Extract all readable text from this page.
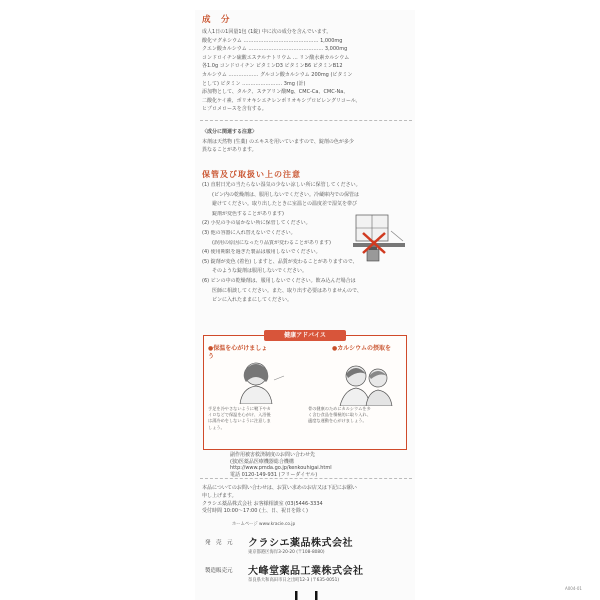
成　分
成人1日の1回量1包 (1錠) 中に次の成分を含んでいます。
酸化マグネシウム ……………………………………… 1,000mg
クエン酸カルシウム ……………………………………… 3,000mg
コンドロイチン硫酸エステルナトリウム … リン酸水素カルシウム
各1.0g コンドロイチン ビタミンD3 ビタミンB6 ビタミンB12
カルシウム ……………… グルコン酸カルシウム 200mg (ビタミン
として) ビタミン …………………… 3mg (計)
添加物として、タルク、ステアリン酸Mg、CMC-Ca、CMC-Na、
二酸化ケイ素、ポリオキシエチレンポリオキシプロピレングリコール、
ヒプロメロースを含有する。
〈成分に関連する注意〉
本剤は天然物 (生薬) のエキスを用いていますので、錠剤の色が多少
異なることがあります。
保管及び取扱い上の注意
(1) 直射日光の当たらない湿気の少ない涼しい所に保管してください。
　　(ビン内の乾燥剤は、服用しないでください。冷蔵庫内での保管は
　　避けてください。取り出したときに室温との温度差で湿気を帯び
　　錠剤が変色することがあります)
(2) 小児の手の届かない所に保管してください。
(3) 他の容器に入れ替えないでください。
　　(誤用の原因になったり品質が変わることがあります)
(4) 使用期限を過ぎた製品は服用しないでください。
(5) 錠剤が変色 (着色) しますと、品質が変わることがありますので、
　　そのような錠剤は服用しないでください。
(6) ビンの中の乾燥剤は、服用しないでください。飲み込んだ場合は
　　医師に相談してください。また、取り出す必要はありませんので、
　　ビンに入れたままにしてください。
健康アドバイス
●保温を心がけましょう
●カルシウムの摂取を
手足を冷やさないように靴下やカイロなどで保温を心がけ、入浴後は湯冷めをしないように注意しましょう。
骨の健康のためにカルシウムを多く含む食品を積極的に取り入れ、適度な運動を心がけましょう。
副作用被害救済制度のお問い合わせ先
(独)医薬品医療機器総合機構
http://www.pmda.go.jp/kenkouhigai.html
電話 0120-149-931 (フリーダイヤル)
本品についてのお問い合わせは、お買い求めのお店又は下記にお願い
申し上げます。
クラシエ薬品株式会社 お客様相談室 (03)5446-3334
受付時間 10:00〜17:00 (土、日、祝日を除く)
ホームページ www.kracie.co.jp
発　売　元 クラシエ薬品株式会社
東京都港区海岸3-20-20 (〒108-8080)
製造販売元 大峰堂薬品工業株式会社
奈良県大和高田市日之出町12-3 (〒635-0051)
A004-01
